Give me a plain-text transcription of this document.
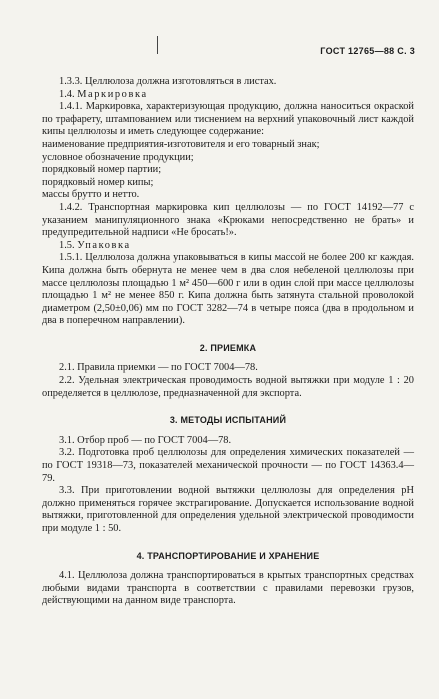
ГОСТ 12765—88 С. 3

1.3.3. Целлюлоза должна изготовляться в листах.

1.4. Маркировка

1.4.1. Маркировка, характеризующая продукцию, должна наноситься окраской по трафарету, штампованием или тиснением на верхний упаковочный лист каждой кипы целлюлозы и иметь следующее содержание:

наименование предприятия-изготовителя и его товарный знак;

условное обозначение продукции;

порядковый номер партии;

порядковый номер кипы;

массы брутто и нетто.

1.4.2. Транспортная маркировка кип целлюлозы — по ГОСТ 14192—77 с указанием манипуляционного знака «Крюками непосредственно не брать» и предупредительной надписи «Не бросать!».

1.5. Упаковка

1.5.1. Целлюлоза должна упаковываться в кипы массой не более 200 кг каждая. Кипа должна быть обернута не менее чем в два слоя небеленой целлюлозы при массе целлюлозы площадью 1 м² 450—600 г или в один слой при массе целлюлозы площадью 1 м² не менее 850 г. Кипа должна быть затянута стальной проволокой диаметром (2,50±0,06) мм по ГОСТ 3282—74 в четыре пояса (два в продольном и два в поперечном направлении).

2. ПРИЕМКА

2.1. Правила приемки — по ГОСТ 7004—78.

2.2. Удельная электрическая проводимость водной вытяжки при модуле 1 : 20 определяется в целлюлозе, предназначенной для экспорта.

3. МЕТОДЫ ИСПЫТАНИЙ

3.1. Отбор проб — по ГОСТ 7004—78.

3.2. Подготовка проб целлюлозы для определения химических показателей — по ГОСТ 19318—73, показателей механической прочности — по ГОСТ 14363.4—79.

3.3. При приготовлении водной вытяжки целлюлозы для определения pH должно применяться горячее экстрагирование. Допускается использование водной вытяжки, приготовленной для определения удельной электрической проводимости при модуле 1 : 50.

4. ТРАНСПОРТИРОВАНИЕ И ХРАНЕНИЕ

4.1. Целлюлоза должна транспортироваться в крытых транспортных средствах любыми видами транспорта в соответствии с правилами перевозки грузов, действующими на данном виде транспорта.
